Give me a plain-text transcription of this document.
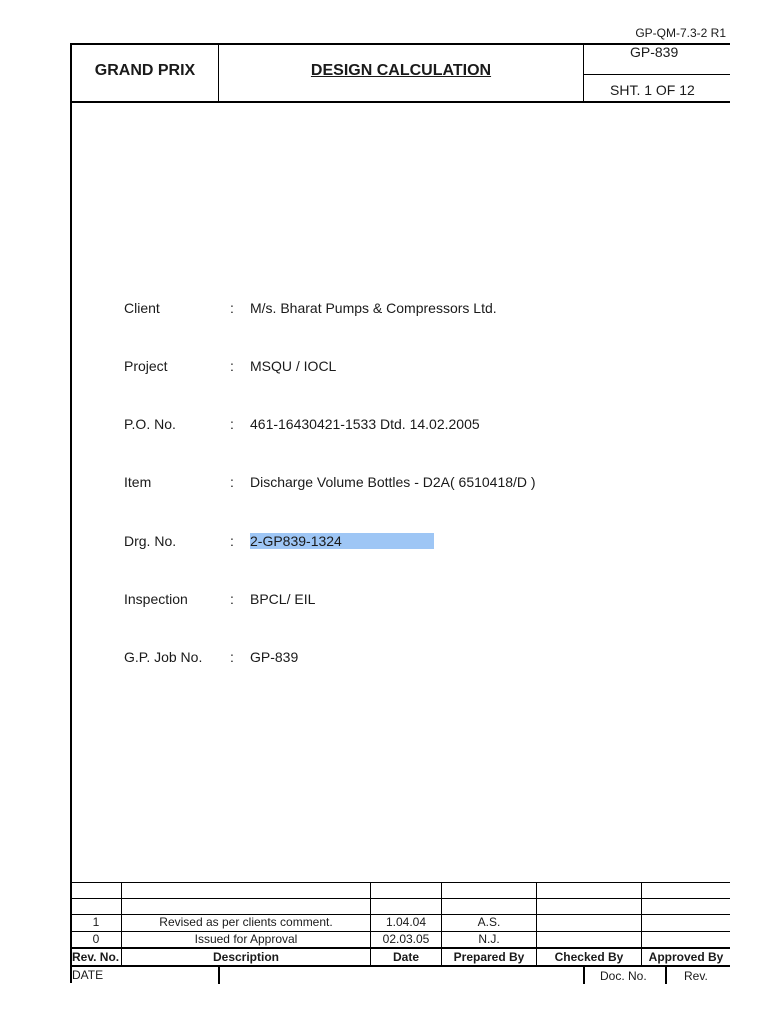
GP-QM-7.3-2 R1
GRAND PRIX	DESIGN CALCULATION
GP-839
SHT. 1 OF 12
Client	: M/s. Bharat Pumps & Compressors Ltd.
Project	: MSQU / IOCL
P.O. No.	: 461-16430421-1533 Dtd. 14.02.2005
Item	: Discharge Volume Bottles - D2A( 6510418/D )
Drg. No.	: 2-GP839-1324
Inspection	: BPCL/ EIL
G.P. Job No. : GP-839
1	Revised as per clients comment.	1.04.04	A.S.
0	Issued for Approval	02.03.05	N.J.
Rev. No.	Description	Date	Prepared By	Checked By	Approved By
DATE	Doc. No.	Rev.
